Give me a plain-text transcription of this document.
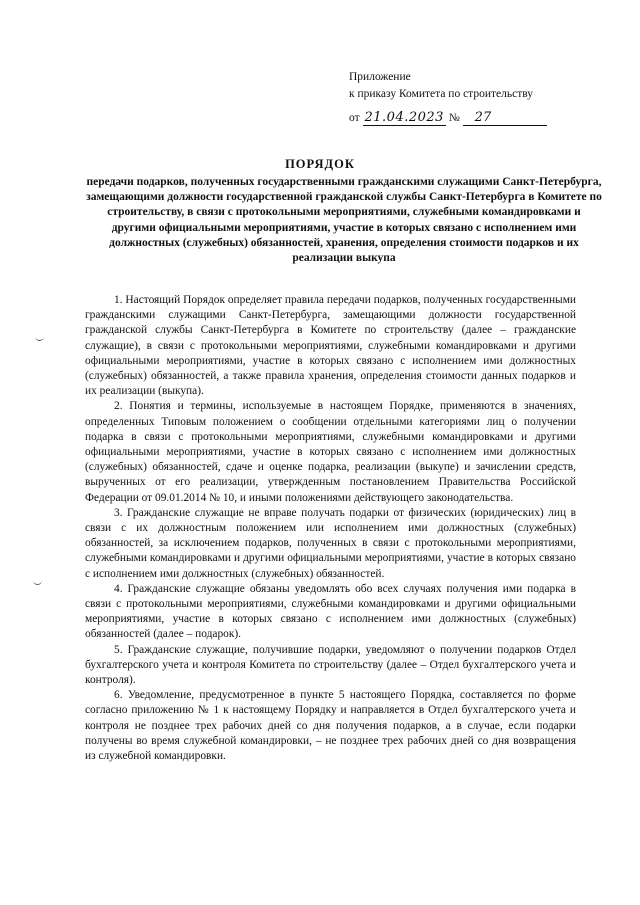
Приложение
к приказу Комитета по строительству
от 21.04.2023 № 27
ПОРЯДОК
передачи подарков, полученных государственными гражданскими служащими Санкт-Петербурга, замещающими должности государственной гражданской службы Санкт-Петербурга в Комитете по строительству, в связи с протокольными мероприятиями, служебными командировками и другими официальными мероприятиями, участие в которых связано с исполнением ими должностных (служебных) обязанностей, хранения, определения стоимости подарков и их реализации выкупа

1. Настоящий Порядок определяет правила передачи подарков, полученных государственными гражданскими служащими Санкт-Петербурга, замещающими должности государственной гражданской службы Санкт-Петербурга в Комитете по строительству (далее – гражданские служащие), в связи с протокольными мероприятиями, служебными командировками и другими официальными мероприятиями, участие в которых связано с исполнением ими должностных (служебных) обязанностей, а также правила хранения, определения стоимости данных подарков и их реализации (выкупа).

2. Понятия и термины, используемые в настоящем Порядке, применяются в значениях, определенных Типовым положением о сообщении отдельными категориями лиц о получении подарка в связи с протокольными мероприятиями, служебными командировками и другими официальными мероприятиями, участие в которых связано с исполнением ими должностных (служебных) обязанностей, сдаче и оценке подарка, реализации (выкупе) и зачислении средств, вырученных от его реализации, утвержденным постановлением Правительства Российской Федерации от 09.01.2014 № 10, и иными положениями действующего законодательства.

3. Гражданские служащие не вправе получать подарки от физических (юридических) лиц в связи с их должностным положением или исполнением ими должностных (служебных) обязанностей, за исключением подарков, полученных в связи с протокольными мероприятиями, служебными командировками и другими официальными мероприятиями, участие в которых связано с исполнением ими должностных (служебных) обязанностей.

4. Гражданские служащие обязаны уведомлять обо всех случаях получения ими подарка в связи с протокольными мероприятиями, служебными командировками и другими официальными мероприятиями, участие в которых связано с исполнением ими должностных (служебных) обязанностей (далее – подарок).

5. Гражданские служащие, получившие подарки, уведомляют о получении подарков Отдел бухгалтерского учета и контроля Комитета по строительству (далее – Отдел бухгалтерского учета и контроля).

6. Уведомление, предусмотренное в пункте 5 настоящего Порядка, составляется по форме согласно приложению № 1 к настоящему Порядку и направляется в Отдел бухгалтерского учета и контроля не позднее трех рабочих дней со дня получения подарков, а в случае, если подарки получены во время служебной командировки, – не позднее трех рабочих дней со дня возвращения из служебной командировки.
